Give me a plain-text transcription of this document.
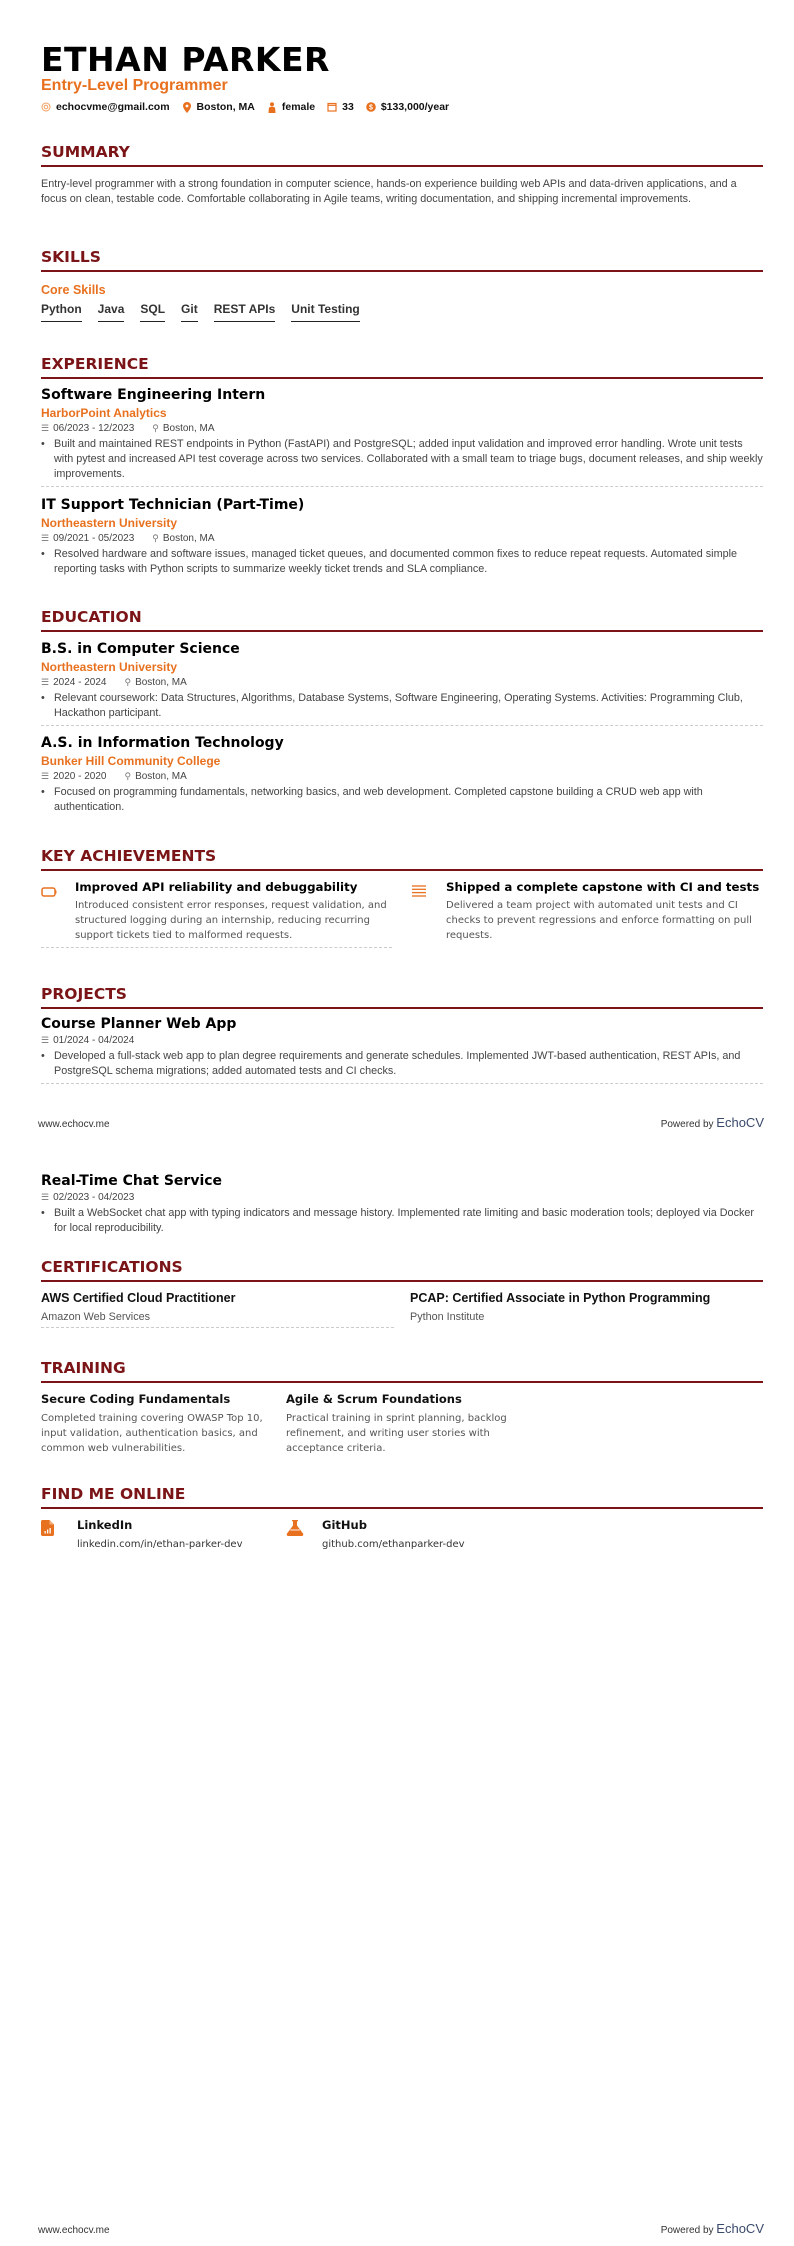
ETHAN PARKER
Entry-Level Programmer
echocvme@gmail.com	Boston, MA	female	33 $ $133,000/year
SUMMARY
Entry-level programmer with a strong foundation in computer science, hands-on experience building web APIs and data-driven applications, and a focus on clean, testable code. Comfortable collaborating in Agile teams, writing documentation, and shipping incremental improvements.
SKILLS
Core Skills
Python Java SQL Git REST APIs Unit Testing
EXPERIENCE
Software Engineering Intern
HarborPoint Analytics
☰ 06/2023 - 12/2023 ⚲ Boston, MA
• Built and maintained REST endpoints in Python (FastAPI) and PostgreSQL; added input validation and improved error handling. Wrote unit tests with pytest and increased API test coverage across two services. Collaborated with a small team to triage bugs, document releases, and ship weekly improvements.
IT Support Technician (Part-Time)
Northeastern University
☰ 09/2021 - 05/2023 ⚲ Boston, MA
• Resolved hardware and software issues, managed ticket queues, and documented common fixes to reduce repeat requests. Automated simple reporting tasks with Python scripts to summarize weekly ticket trends and SLA compliance.
EDUCATION
B.S. in Computer Science
Northeastern University
☰ 2024 - 2024 ⚲ Boston, MA
• Relevant coursework: Data Structures, Algorithms, Database Systems, Software Engineering, Operating Systems. Activities: Programming Club, Hackathon participant.
A.S. in Information Technology
Bunker Hill Community College
☰ 2020 - 2020 ⚲ Boston, MA
• Focused on programming fundamentals, networking basics, and web development. Completed capstone building a CRUD web app with authentication.
KEY ACHIEVEMENTS
Improved API reliability and debuggability
Introduced consistent error responses, request validation, and structured logging during an internship, reducing recurring support tickets tied to malformed requests.
Shipped a complete capstone with CI and tests
Delivered a team project with automated unit tests and CI checks to prevent regressions and enforce formatting on pull requests.
PROJECTS
Course Planner Web App
☰ 01/2024 - 04/2024
• Developed a full-stack web app to plan degree requirements and generate schedules. Implemented JWT-based authentication, REST APIs, and PostgreSQL schema migrations; added automated tests and CI checks.
www.echocv.me	Powered by EchoCV
Real-Time Chat Service
☰ 02/2023 - 04/2023
• Built a WebSocket chat app with typing indicators and message history. Implemented rate limiting and basic moderation tools; deployed via Docker for local reproducibility.
CERTIFICATIONS
AWS Certified Cloud Practitioner
Amazon Web Services
PCAP: Certified Associate in Python Programming
Python Institute
TRAINING
Secure Coding Fundamentals
Completed training covering OWASP Top 10, input validation, authentication basics, and common web vulnerabilities.
Agile & Scrum Foundations
Practical training in sprint planning, backlog refinement, and writing user stories with acceptance criteria.
FIND ME ONLINE
LinkedIn
linkedin.com/in/ethan-parker-dev
GitHub
github.com/ethanparker-dev
www.echocv.me	Powered by EchoCV
